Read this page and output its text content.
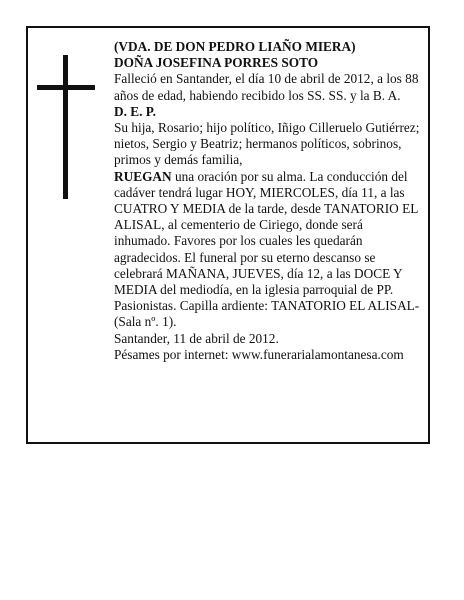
(VDA. DE DON PEDRO LIAÑO MIERA)

DOÑA JOSEFINA PORRES SOTO

Falleció en Santander, el día 10 de abril de 2012, a los 88 años de edad, habiendo recibido los SS. SS. y la B. A.

D. E. P.

Su hija, Rosario; hijo político, Iñigo Cilleruelo Gutiérrez; nietos, Sergio y Beatriz; hermanos políticos, sobrinos, primos y demás familia,

RUEGAN una oración por su alma. La conducción del cadáver tendrá lugar HOY, MIERCOLES, día 11, a las CUATRO Y MEDIA de la tarde, desde TANATORIO EL ALISAL, al cementerio de Ciriego, donde será inhumado. Favores por los cuales les quedarán agradecidos. El funeral por su eterno descanso se celebrará MAÑANA, JUEVES, día 12, a las DOCE Y MEDIA del mediodía, en la iglesia parroquial de PP. Pasionistas. Capilla ardiente: TANATORIO EL ALISAL-(Sala nº. 1).

Santander, 11 de abril de 2012.

Pésames por internet: www.funerarialamontanesa.com
